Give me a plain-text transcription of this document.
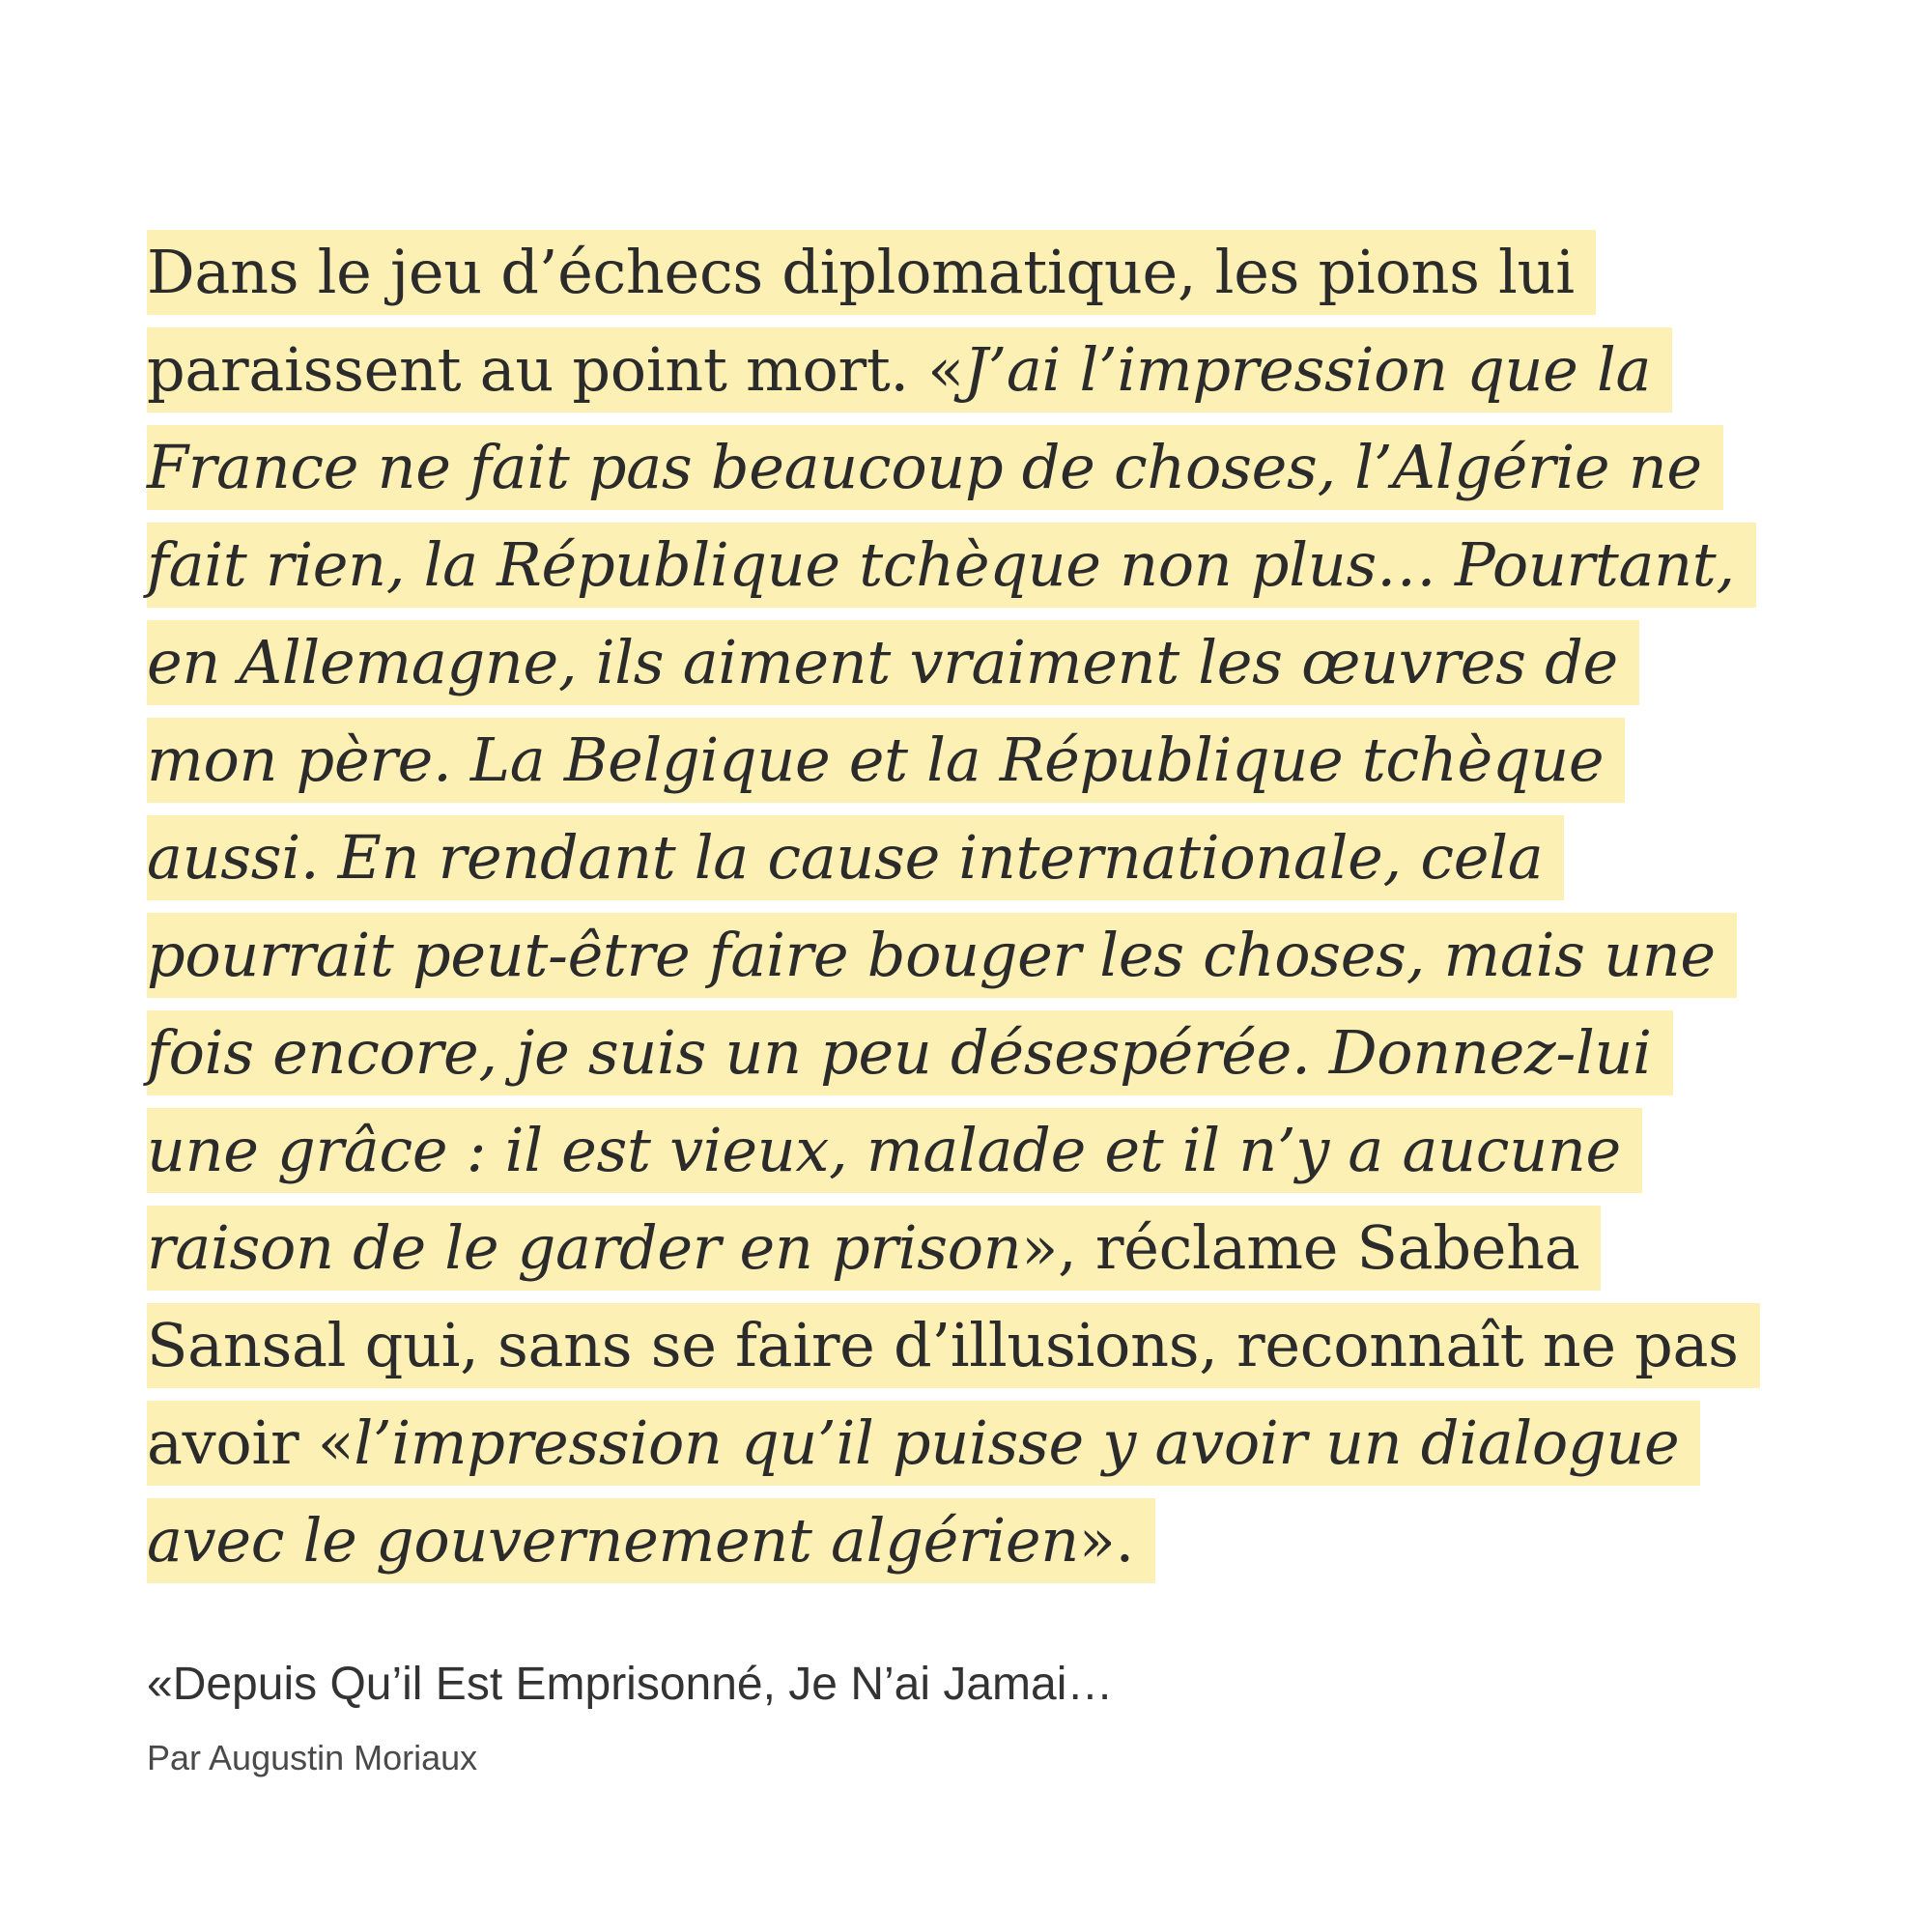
Dans le jeu d’échecs diplomatique, les pions lui
paraissent au point mort. «J’ai l’impression que la
France ne fait pas beaucoup de choses, l’Algérie ne
fait rien, la République tchèque non plus… Pourtant,
en Allemagne, ils aiment vraiment les œuvres de
mon père. La Belgique et la République tchèque
aussi. En rendant la cause internationale, cela
pourrait peut-être faire bouger les choses, mais une
fois encore, je suis un peu désespérée. Donnez-lui
une grâce : il est vieux, malade et il n’y a aucune
raison de le garder en prison», réclame Sabeha
Sansal qui, sans se faire d’illusions, reconnaît ne pas
avoir «l’impression qu’il puisse y avoir un dialogue
avec le gouvernement algérien».
«Depuis Qu’il Est Emprisonné, Je N’ai Jamai…
Par Augustin Moriaux
